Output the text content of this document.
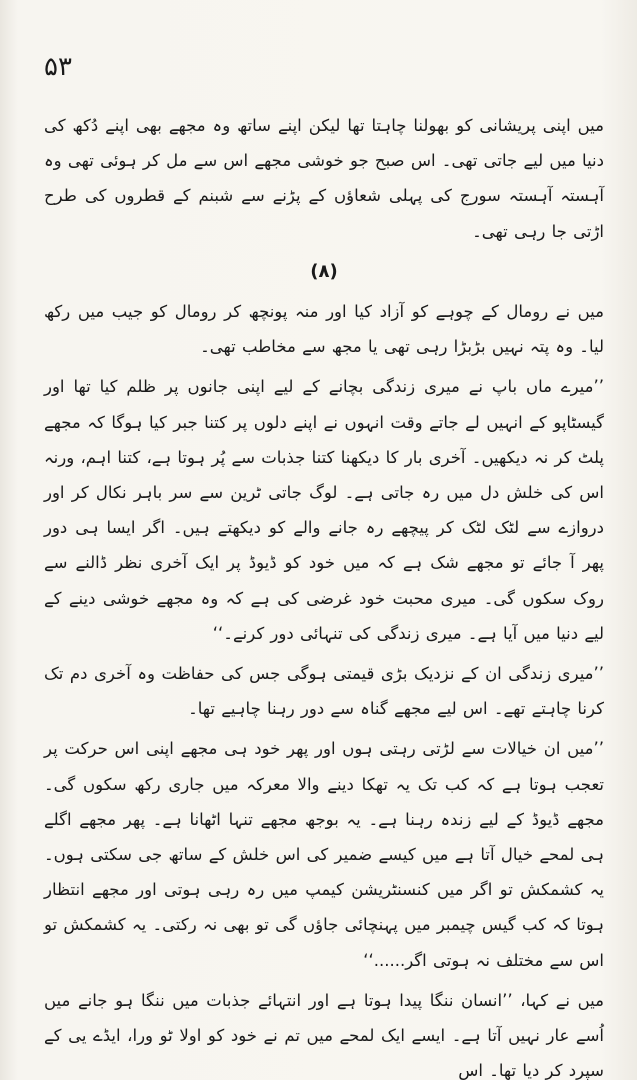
۵۳

میں اپنی پریشانی کو بھولنا چاہتا تھا لیکن اپنے ساتھ وہ مجھے بھی اپنے دُکھ کی دنیا میں لیے جاتی تھی۔ اس صبح جو خوشی مجھے اس سے مل کر ہوئی تھی وہ آہستہ آہستہ سورج کی پہلی شعاؤں کے پڑنے سے شبنم کے قطروں کی طرح اڑتی جا رہی تھی۔

(۸)

میں نے رومال کے چوہے کو آزاد کیا اور منہ پونچھ کر رومال کو جیب میں رکھ لیا۔ وہ پتہ نہیں بڑبڑا رہی تھی یا مجھ سے مخاطب تھی۔

’’میرے ماں باپ نے میری زندگی بچانے کے لیے اپنی جانوں پر ظلم کیا تھا اور گیسٹاپو کے انہیں لے جاتے وقت انہوں نے اپنے دلوں پر کتنا جبر کیا ہوگا کہ مجھے پلٹ کر نہ دیکھیں۔ آخری بار کا دیکھنا کتنا جذبات سے پُر ہوتا ہے، کتنا اہم، ورنہ اس کی خلش دل میں رہ جاتی ہے۔ لوگ جاتی ٹرین سے سر باہر نکال کر اور دروازے سے لٹک لٹک کر پیچھے رہ جانے والے کو دیکھتے ہیں۔ اگر ایسا ہی دور پھر آ جائے تو مجھے شک ہے کہ میں خود کو ڈیوڈ پر ایک آخری نظر ڈالنے سے روک سکوں گی۔ میری محبت خود غرضی کی ہے کہ وہ مجھے خوشی دینے کے لیے دنیا میں آیا ہے۔ میری زندگی کی تنہائی دور کرنے۔‘‘

’’میری زندگی ان کے نزدیک بڑی قیمتی ہوگی جس کی حفاظت وہ آخری دم تک کرنا چاہتے تھے۔ اس لیے مجھے گناہ سے دور رہنا چاہیے تھا۔

’’میں ان خیالات سے لڑتی رہتی ہوں اور پھر خود ہی مجھے اپنی اس حرکت پر تعجب ہوتا ہے کہ کب تک یہ تھکا دینے والا معرکہ میں جاری رکھ سکوں گی۔ مجھے ڈیوڈ کے لیے زندہ رہنا ہے۔ یہ بوجھ مجھے تنہا اٹھانا ہے۔ پھر مجھے اگلے ہی لمحے خیال آتا ہے میں کیسے ضمیر کی اس خلش کے ساتھ جی سکتی ہوں۔ یہ کشمکش تو اگر میں کنسنٹریشن کیمپ میں رہ رہی ہوتی اور مجھے انتظار ہوتا کہ کب گیس چیمبر میں پہنچائی جاؤں گی تو بھی نہ رکتی۔ یہ کشمکش تو اس سے مختلف نہ ہوتی اگر......‘‘

میں نے کہا، ’’انسان ننگا پیدا ہوتا ہے اور انتہائے جذبات میں ننگا ہو جانے میں اُسے عار نہیں آتا ہے۔ ایسے ایک لمحے میں تم نے خود کو اولا ٹو ورا، ایڈے یی کے سپرد کر دیا تھا۔ اس
